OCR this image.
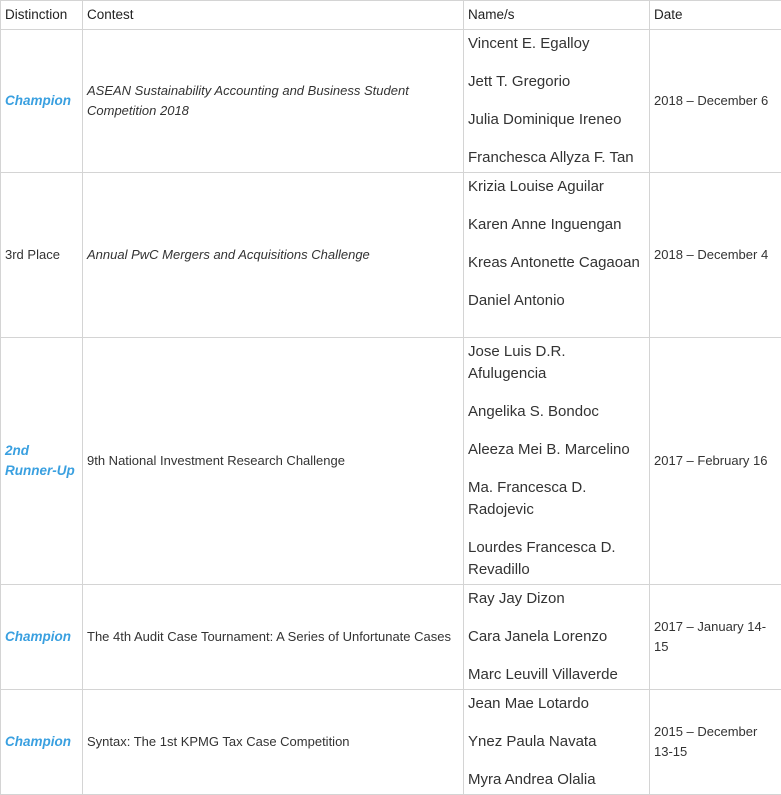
Distinction	Contest	Name/s	Date
Champion	ASEAN Sustainability Accounting and Business Student Competition 2018	Vincent E. Egalloy
Jett T. Gregorio
Julia Dominique Ireneo
Franchesca Allyza F. Tan	2018 – December 6
3rd Place	Annual PwC Mergers and Acquisitions Challenge	Krizia Louise Aguilar
Karen Anne Inguengan
Kreas Antonette Cagaoan
Daniel Antonio	2018 – December 4
2nd Runner-Up	9th National Investment Research Challenge	Jose Luis D.R. Afulugencia
Angelika S. Bondoc
Aleeza Mei B. Marcelino
Ma. Francesca D. Radojevic
Lourdes Francesca D. Revadillo	2017 – February 16
Champion	The 4th Audit Case Tournament: A Series of Unfortunate Cases	Ray Jay Dizon
Cara Janela Lorenzo
Marc Leuvill Villaverde	2017 – January 14-15
Champion	Syntax: The 1st KPMG Tax Case Competition	Jean Mae Lotardo
Ynez Paula Navata
Myra Andrea Olalia	2015 – December 13-15
